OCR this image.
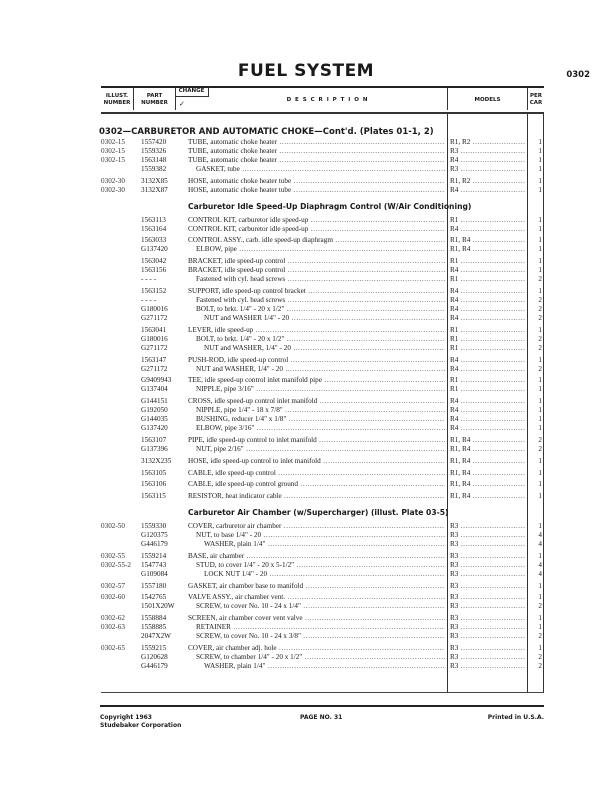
FUEL SYSTEM	0302
ILLUST. NUMBER
PART NUMBER
D E S C R I P T I O N	MODELS
PER CAR
CHANGE
✓
0302—CARBURETOR AND AUTOMATIC CHOKE—Cont'd. (Plates 01-1, 2)
0302-15 1557420	TUBE, automatic choke heater .....	R1, R2 .....	1
0302-15 1559326	TUBE, automatic choke heater .....	R3 .....	1
0302-15 1563148	TUBE, automatic choke heater .....	R4 .....	1
1559382	GASKET, tube .....	R3 .....	1
0302-30 3132X85	HOSE, automatic choke heater tube .....	R1, R2 .....	1
0302-30 3132X87	HOSE, automatic choke heater tube .....	R4 .....	1
Carburetor Idle Speed-Up Diaphragm Control (W/Air Conditioning)
1563113	CONTROL KIT, carburetor idle speed-up .....	R1 .....	1
1563164	CONTROL KIT, carburetor idle speed-up .....	R4 .....	1
1563033	CONTROL ASSY., carb. idle speed-up diaphragm .....	R1, R4 .....	1
G137420	ELBOW, pipe .....	R1, R4 .....	1
1563042	BRACKET, idle speed-up control .....	R1 .....	1
1563156	BRACKET, idle speed-up control .....	R4 .....	1
- - - -	Fastened with cyl. head screws .....	R1 .....	2
1563152	SUPPORT, idle speed-up control bracket .....	R4 .....	1
- - - -	Fastened with cyl. head screws .....	R4 .....	2
G180016	BOLT, to brkt. 1/4" - 20 x 1/2" .....	R4 .....	2
G271172	NUT and WASHER 1/4" - 20 .....	R4 .....	2
1563041	LEVER, idle speed-up .....	R1 .....	1
G180016	BOLT, to brkt. 1/4" - 20 x 1/2" .....	R1 .....	2
G271172	NUT and WASHER, 1/4" - 20 .....	R1 .....	2
1563147	PUSH-ROD, idle speed-up control .....	R4 .....	1
G271172	NUT and WASHER, 1/4" - 20 .....	R4 .....	2
G9409943 TEE, idle speed-up control inlet manifold pipe .....	R1 .....	1
G137404	NIPPLE, pipe 3/16" .....	R1 .....	1
G144151	CROSS, idle speed-up control inlet manifold .....	R4 .....	1
G192050	NIPPLE, pipe 1/4" - 18 x 7/8" .....	R4 .....	1
G144035	BUSHING, reducer 1/4" x 1/8" .....	R4 .....	1
G137420	ELBOW, pipe 3/16" .....	R4 .....	1
1563107	PIPE, idle speed-up control to inlet manifold .....	R1, R4 .....	2
G137396	NUT, pipe 2/16" .....	R1, R4 .....	2
3132X235 HOSE, idle speed-up control to inlet manifold .....	R1, R4 .....	1
1563105	CABLE, idle speed-up control .....	R1, R4 .....	1
1563106	CABLE, idle speed-up control ground .....	R1, R4 .....	1
1563115	RESISTOR, heat indicator cable .....	R1, R4 .....	1
Carburetor Air Chamber (w/Supercharger) (illust. Plate 03-5)
0302-50 1559330	COVER, carburetor air chamber .....	R3 .....	1
G120375	NUT, to base 1/4" - 20 .....	R3 .....	4
G446179	WASHER, plain 1/4" .....	R3 .....	4
0302-55 1559214	BASE, air chamber .....	R3 .....	1
0302-55-2 1547743	STUD, to cover 1/4" - 20 x 5-1/2" .....	R3 .....	4
G109084	LOCK NUT 1/4" - 20 .....	R3 .....	4
0302-57 1557180	GASKET, air chamber base to manifold .....	R3 .....	1
0302-60 1542765	VALVE ASSY., air chamber vent. .....	R3 .....	1
1501X20W	SCREW, to cover No. 10 - 24 x 1/4" .....	R3 .....	2
0302-62 1558884	SCREEN, air chamber cover vent valve .....	R3 .....	1
0302-63 1558885	RETAINER .....	R3 .....	1
2047X2W	SCREW, to cover No. 10 - 24 x 3/8" .....	R3 .....	2
0302-65 1559215	COVER, air chamber adj. hole .....	R3 .....	1
G120628	SCREW, to chamber 1/4" - 20 x 1/2" .....	R3 .....	2
G446179	WASHER, plain 1/4" .....	R3 .....	2
Copyright 1963
Studebaker Corporation
PAGE NO. 31	Printed in U.S.A.
